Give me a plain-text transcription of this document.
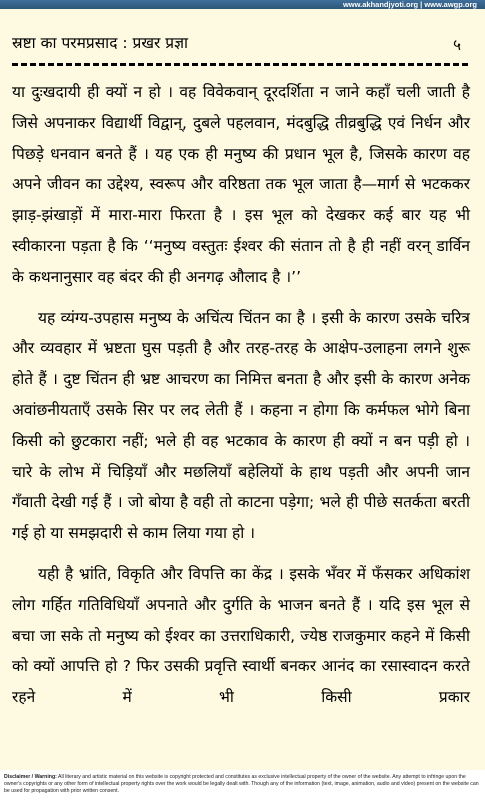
www.akhandjyoti.org | www.awgp.org
स्रष्टा का परमप्रसाद : प्रखर प्रज्ञा	५

या दुःखदायी ही क्यों न हो । वह विवेकवान् दूरदर्शिता न जाने कहाँ चली जाती है जिसे अपनाकर विद्यार्थी विद्वान्, दुबले पहलवान, मंदबुद्धि तीव्रबुद्धि एवं निर्धन और पिछड़े धनवान बनते हैं । यह एक ही मनुष्य की प्रधान भूल है, जिसके कारण वह अपने जीवन का उद्देश्य, स्वरूप और वरिष्ठता तक भूल जाता है—मार्ग से भटककर झाड़-झंखाड़ों में मारा-मारा फिरता है । इस भूल को देखकर कई बार यह भी स्वीकारना पड़ता है कि ‘‘मनुष्य वस्तुतः ईश्वर की संतान तो है ही नहीं वरन् डार्विन के कथनानुसार वह बंदर की ही अनगढ़ औलाद है ।’’

यह व्यंग्य-उपहास मनुष्य के अचिंत्य चिंतन का है । इसी के कारण उसके चरित्र और व्यवहार में भ्रष्टता घुस पड़ती है और तरह-तरह के आक्षेप-उलाहना लगने शुरू होते हैं । दुष्ट चिंतन ही भ्रष्ट आचरण का निमित्त बनता है और इसी के कारण अनेक अवांछनीयताएँ उसके सिर पर लद लेती हैं । कहना न होगा कि कर्मफल भोगे बिना किसी को छुटकारा नहीं; भले ही वह भटकाव के कारण ही क्यों न बन पड़ी हो । चारे के लोभ में चिड़ियाँ और मछलियाँ बहेलियों के हाथ पड़ती और अपनी जान गँवाती देखी गई हैं । जो बोया है वही तो काटना पड़ेगा; भले ही पीछे सतर्कता बरती गई हो या समझदारी से काम लिया गया हो ।

यही है भ्रांति, विकृति और विपत्ति का केंद्र । इसके भँवर में फँसकर अधिकांश लोग गर्हित गतिविधियाँ अपनाते और दुर्गति के भाजन बनते हैं । यदि इस भूल से बचा जा सके तो मनुष्य को ईश्वर का उत्तराधिकारी, ज्येष्ठ राजकुमार कहने में किसी को क्यों आपत्ति हो ? फिर उसकी प्रवृत्ति स्वार्थी बनकर आनंद का रसास्वादन करते रहने में भी किसी प्रकार

Disclaimer / Warning: All literary and artistic material on this website is copyright protected and constitutes as exclusive intellectual property of the owner of the website. Any attempt to infringe upon the owner's copyrights or any other form of intellectual property rights over the work would be legally dealt with. Though any of the information (text, image, animation, audio and video) present on the website can be used for propagation with prior written consent.
